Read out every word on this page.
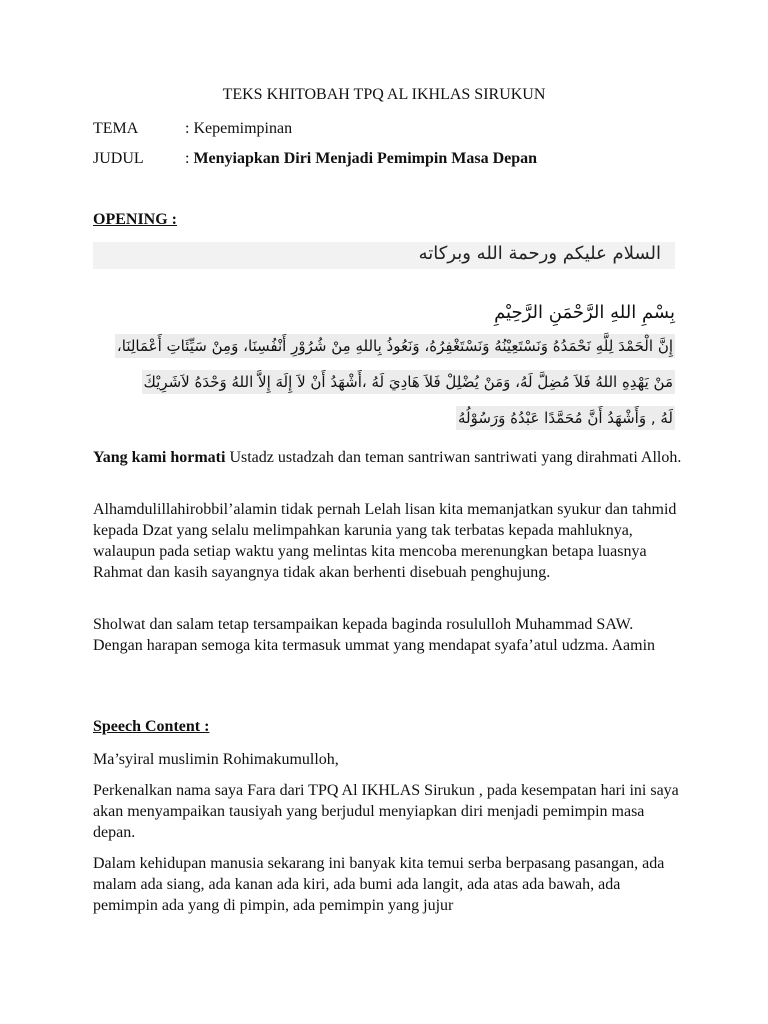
TEKS KHITOBAH TPQ AL IKHLAS SIRUKUN
TEMA	: Kepemimpinan
JUDUL	: Menyiapkan Diri Menjadi Pemimpin Masa Depan
OPENING :
السلام عليكم ورحمة الله وبركاته
بِسْمِ اللهِ الرَّحْمَنِ الرَّحِيْمِ
إِنَّ الْحَمْدَ لِلَّهِ نَحْمَدُهُ وَنَسْتَعِيْنُهُ وَنَسْتَغْفِرُهُ، وَنَعُوذُ بِاللهِ مِنْ شُرُوْرِ أَنْفُسِنَا، وَمِنْ سَيِّئَاتِ أَعْمَالِنَا،
مَنْ يَهْدِهِ اللهُ فَلاَ مُضِلَّ لَهُ، وَمَنْ يُضْلِلْ فَلاَ هَادِيَ لَهُ ،أَشْهَدُ أَنْ لاَ إِلَهَ إِلاَّ اللهُ وَحْدَهُ لاَشَرِيْكَ
لَهُ , وَأَشْهَدُ أَنَّ مُحَمَّدًا عَبْدُهُ وَرَسُوْلُهُ

Yang kami hormati Ustadz ustadzah dan teman santriwan santriwati yang dirahmati Alloh.

Alhamdulillahirobbil’alamin tidak pernah Lelah lisan kita memanjatkan syukur dan tahmid kepada Dzat yang selalu melimpahkan karunia yang tak terbatas kepada mahluknya, walaupun pada setiap waktu yang melintas kita mencoba merenungkan betapa luasnya Rahmat dan kasih sayangnya tidak akan berhenti disebuah penghujung.

Sholwat dan salam tetap tersampaikan kepada baginda rosululloh Muhammad SAW. Dengan harapan semoga kita termasuk ummat yang mendapat syafa’atul udzma. Aamin

Speech Content :

Ma’syiral muslimin Rohimakumulloh,

Perkenalkan nama saya Fara dari TPQ Al IKHLAS Sirukun , pada kesempatan hari ini saya akan menyampaikan tausiyah yang berjudul menyiapkan diri menjadi pemimpin masa depan.

Dalam kehidupan manusia sekarang ini banyak kita temui serba berpasang pasangan, ada malam ada siang, ada kanan ada kiri, ada bumi ada langit, ada atas ada bawah, ada pemimpin ada yang di pimpin, ada pemimpin yang jujur
